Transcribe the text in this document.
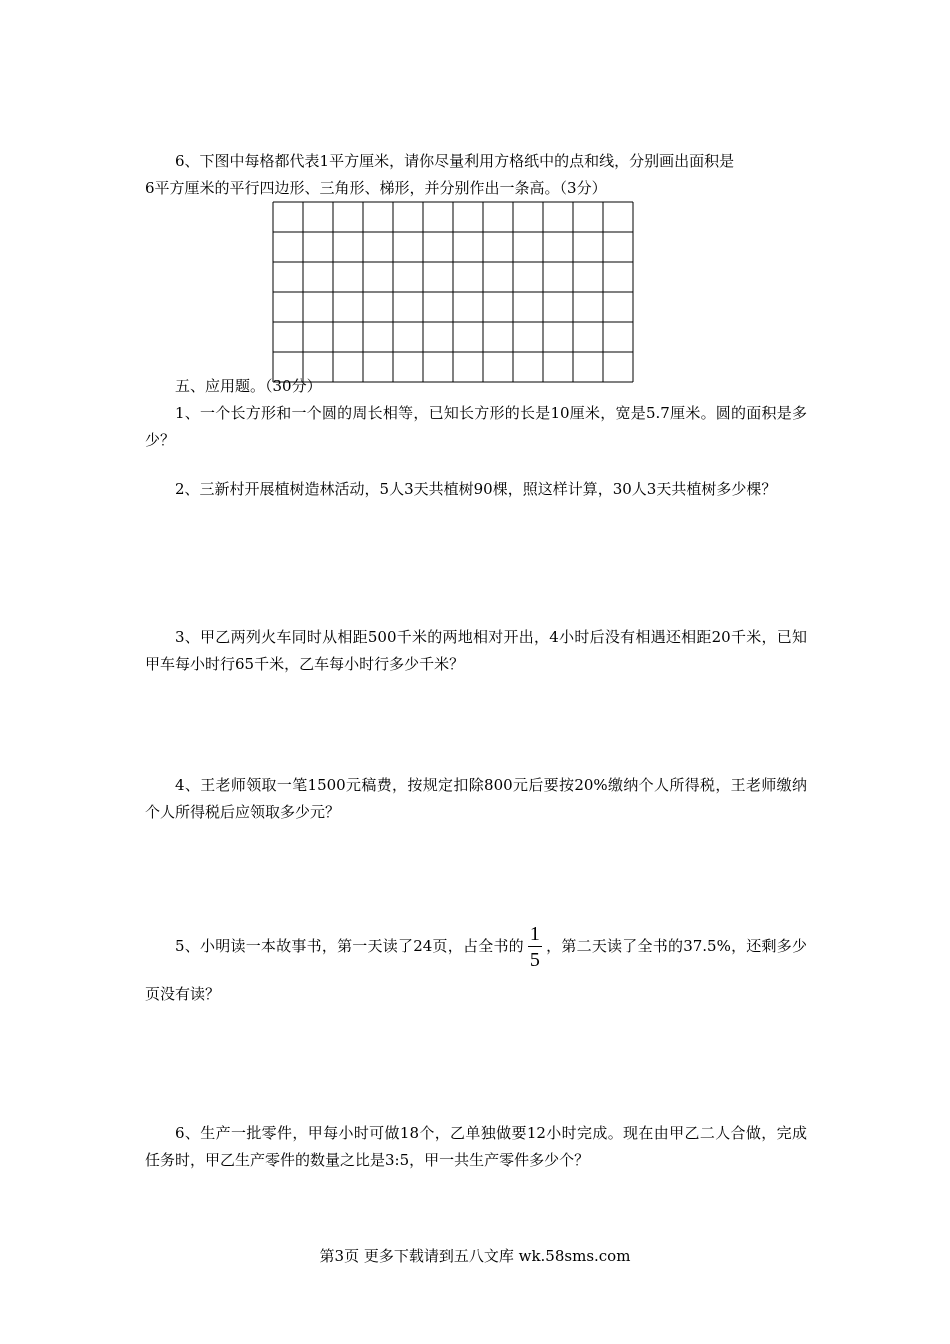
6、下图中每格都代表1平方厘米，请你尽量利用方格纸中的点和线，分别画出面积是
6平方厘米的平行四边形、三角形、梯形，并分别作出一条高。（3分）

五、应用题。（30分）

1、一个长方形和一个圆的周长相等，已知长方形的长是10厘米，宽是5.7厘米。圆的面积是多少？

2、三新村开展植树造林活动，5人3天共植树90棵，照这样计算，30人3天共植树多少棵？

3、甲乙两列火车同时从相距500千米的两地相对开出，4小时后没有相遇还相距20千米，已知甲车每小时行65千米，乙车每小时行多少千米？

4、王老师领取一笔1500元稿费，按规定扣除800元后要按20%缴纳个人所得税，王老师缴纳个人所得税后应领取多少元？

5、小明读一本故事书，第一天读了24页，占全书的 $\frac{1}{5}$ ，第二天读了全书的37.5%，还剩多少页没有读？

6、生产一批零件，甲每小时可做18个，乙单独做要12小时完成。现在由甲乙二人合做，完成任务时，甲乙生产零件的数量之比是3:5，甲一共生产零件多少个？

第3页 更多下载请到五八文库 wk.58sms.com
